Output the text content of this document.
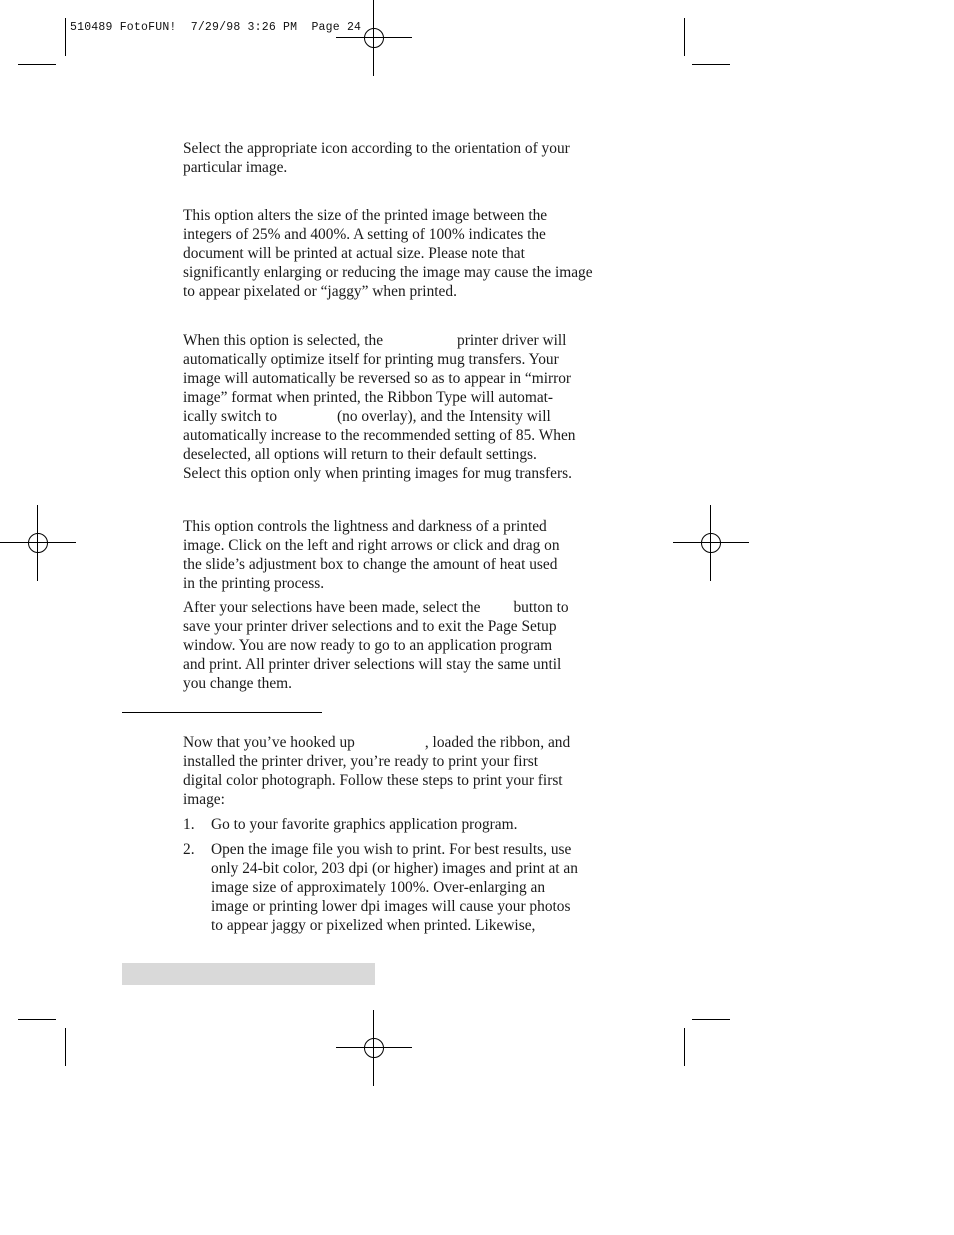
510489 FotoFUN!  7/29/98 3:26 PM  Page 24
Select the appropriate icon according to the orientation of your
particular image.
This option alters the size of the printed image between the
integers of 25% and 400%. A setting of 100% indicates the
document will be printed at actual size. Please note that
significantly enlarging or reducing the image may cause the image
to appear pixelated or “jaggy” when printed.
When this option is selected, the	printer driver will
automatically optimize itself for printing mug transfers. Your
image will automatically be reversed so as to appear in “mirror
image” format when printed, the Ribbon Type will automat-
ically switch to	(no overlay), and the Intensity will
automatically increase to the recommended setting of 85. When
deselected, all options will return to their default settings.
Select this option only when printing images for mug transfers.
This option controls the lightness and darkness of a printed
image. Click on the left and right arrows or click and drag on
the slide’s adjustment box to change the amount of heat used
in the printing process.
After your selections have been made, select the button to
save your printer driver selections and to exit the Page Setup
window. You are now ready to go to an application program
and print. All printer driver selections will stay the same until
you change them.
Now that you’ve hooked up	, loaded the ribbon, and
installed the printer driver, you’re ready to print your first
digital color photograph. Follow these steps to print your first
image:
1. Go to your favorite graphics application program.
2. Open the image file you wish to print. For best results, use
only 24-bit color, 203 dpi (or higher) images and print at an
image size of approximately 100%. Over-enlarging an
image or printing lower dpi images will cause your photos
to appear jaggy or pixelized when printed. Likewise,
